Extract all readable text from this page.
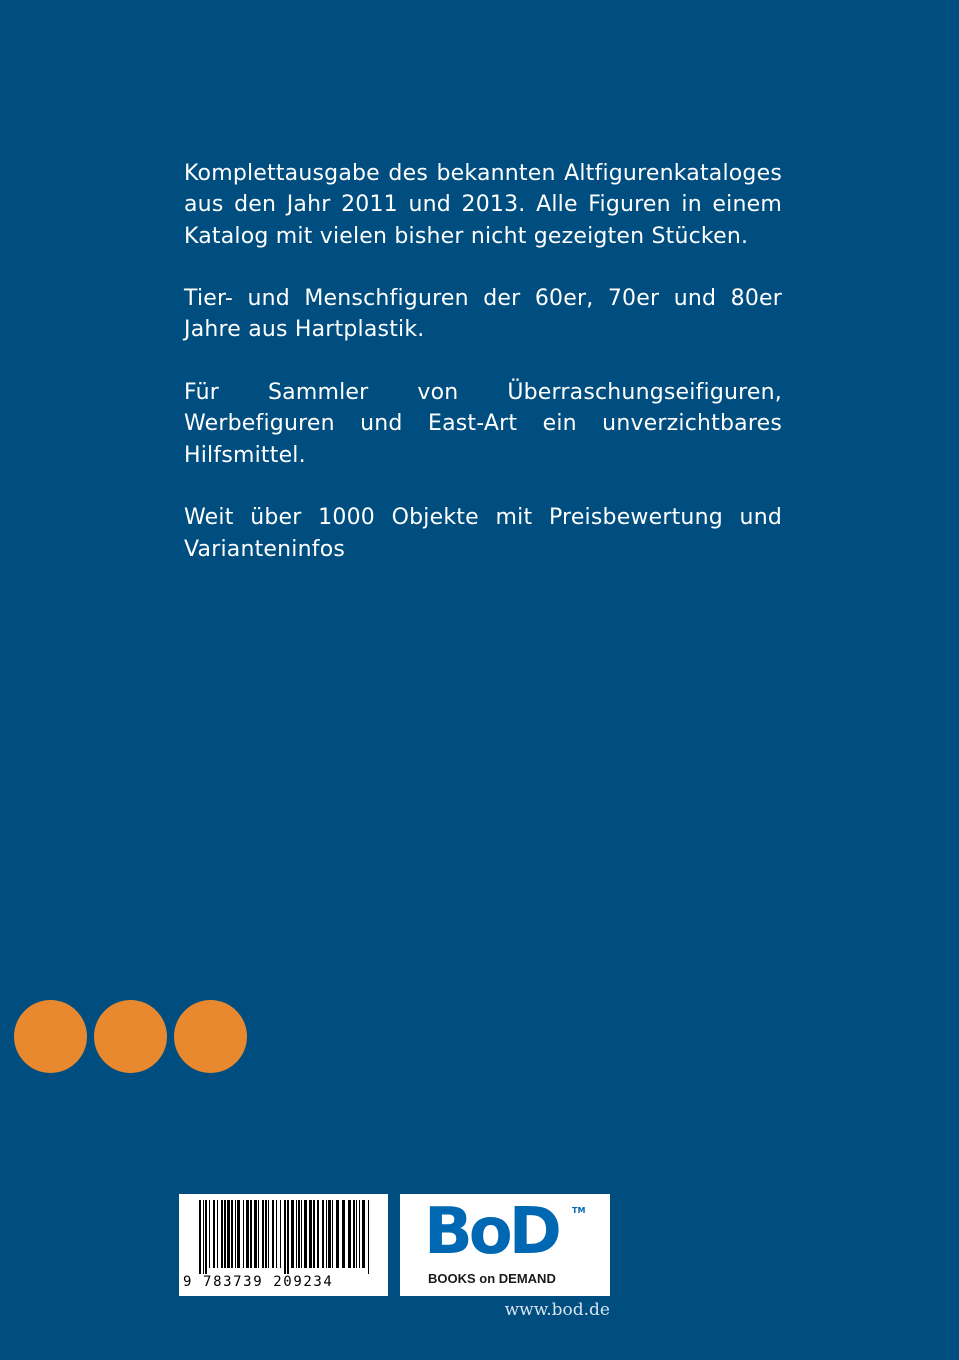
Komplettausgabe des bekannten Altfigurenkataloges aus den Jahr 2011 und 2013. Alle Figuren in einem Katalog mit vielen bisher nicht gezeigten Stücken.

Tier- und Menschfiguren der 60er, 70er und 80er Jahre aus Hartplastik.

Für Sammler von Überraschungseifiguren, Werbefiguren und East-Art ein unverzichtbares Hilfsmittel.

Weit über 1000 Objekte mit Preisbewertung und Varianteninfos

9 783739 209234
BoD TM
BOOKS on DEMAND
www.bod.de
